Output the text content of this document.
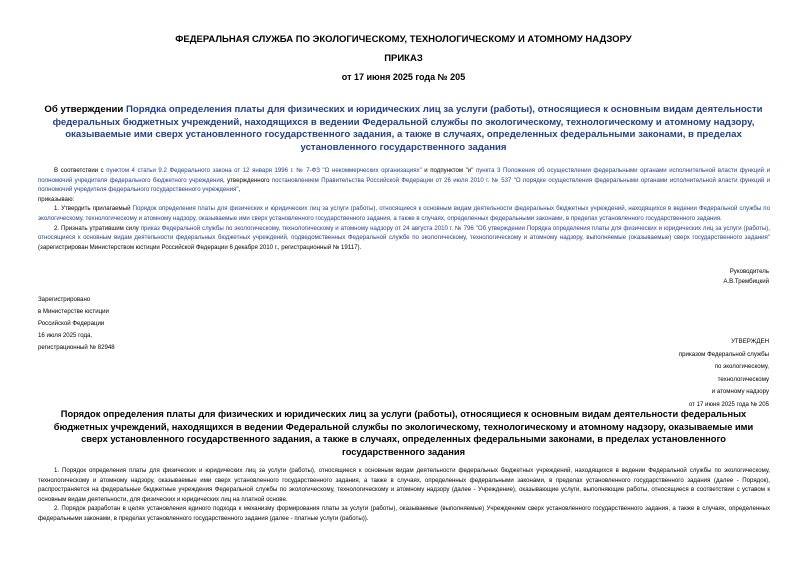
ФЕДЕРАЛЬНАЯ СЛУЖБА ПО ЭКОЛОГИЧЕСКОМУ, ТЕХНОЛОГИЧЕСКОМУ И АТОМНОМУ НАДЗОРУ
ПРИКАЗ
от 17 июня 2025 года № 205
Об утверждении Порядка определения платы для физических и юридических лиц за услуги (работы), относящиеся к основным видам деятельности федеральных бюджетных учреждений, находящихся в ведении Федеральной службы по экологическому, технологическому и атомному надзору, оказываемые ими сверх установленного государственного задания, а также в случаях, определенных федеральными законами, в пределах установленного государственного задания

В соответствии с пунктом 4 статьи 9.2 Федерального закона от 12 января 1996 г. № 7-ФЗ "О некоммерческих организациях" и подпунктом "и" пункта 3 Положения об осуществлении федеральными органами исполнительной власти функций и полномочий учредителя федерального бюджетного учреждения, утвержденного постановлением Правительства Российской Федерации от 26 июля 2010 г. № 537 "О порядке осуществления федеральными органами исполнительной власти функций и полномочий учредителя федерального государственного учреждения",

приказываю:

1. Утвердить прилагаемый Порядок определения платы для физических и юридических лиц за услуги (работы), относящиеся к основным видам деятельности федеральных бюджетных учреждений, находящихся в ведении Федеральной службы по экологическому, технологическому и атомному надзору, оказываемые ими сверх установленного государственного задания, а также в случаях, определенных федеральными законами, в пределах установленного государственного задания.

2. Признать утратившим силу приказ Федеральной службы по экологическому, технологическому и атомному надзору от 24 августа 2010 г. № 796 "Об утверждении Порядка определения платы для физических и юридических лиц за услуги (работы), относящиеся к основным видам деятельности федеральных бюджетных учреждений, подведомственных Федеральной службе по экологическому, технологическому и атомному надзору, выполняемые (оказываемые) сверх государственного задания" (зарегистрирован Министерством юстиции Российской Федерации 6 декабря 2010 г., регистрационный № 19117).

Руководитель
А.В.Трембицкий
Зарегистрировано
в Министерстве юстиции
Российской Федерации
16 июля 2025 года,
регистрационный № 82948
УТВЕРЖДЕН
приказом Федеральной службы
по экологическому,
технологическому
и атомному надзору
от 17 июня 2025 года № 205
Порядок определения платы для физических и юридических лиц за услуги (работы), относящиеся к основным видам деятельности федеральных бюджетных учреждений, находящихся в ведении Федеральной службы по экологическому, технологическому и атомному надзору, оказываемые ими сверх установленного государственного задания, а также в случаях, определенных федеральными законами, в пределах установленного государственного задания

1. Порядок определения платы для физических и юридических лиц за услуги (работы), относящиеся к основным видам деятельности федеральных бюджетных учреждений, находящихся в ведении Федеральной службы по экологическому, технологическому и атомному надзору, оказываемые ими сверх установленного государственного задания, а также в случаях, определенных федеральными законами, в пределах установленного государственного задания (далее - Порядок), распространяется на федеральные бюджетные учреждения Федеральной службы по экологическому, технологическому и атомному надзору (далее - Учреждение), оказывающие услуги, выполняющие работы, относящиеся в соответствии с уставом к основным видам деятельности, для физических и юридических лиц на платной основе.

2. Порядок разработан в целях установления единого подхода к механизму формирования платы за услуги (работы), оказываемые (выполняемые) Учреждением сверх установленного государственного задания, а также в случаях, определенных федеральными законами, в пределах установленного государственного задания (далее - платные услуги (работы)).
